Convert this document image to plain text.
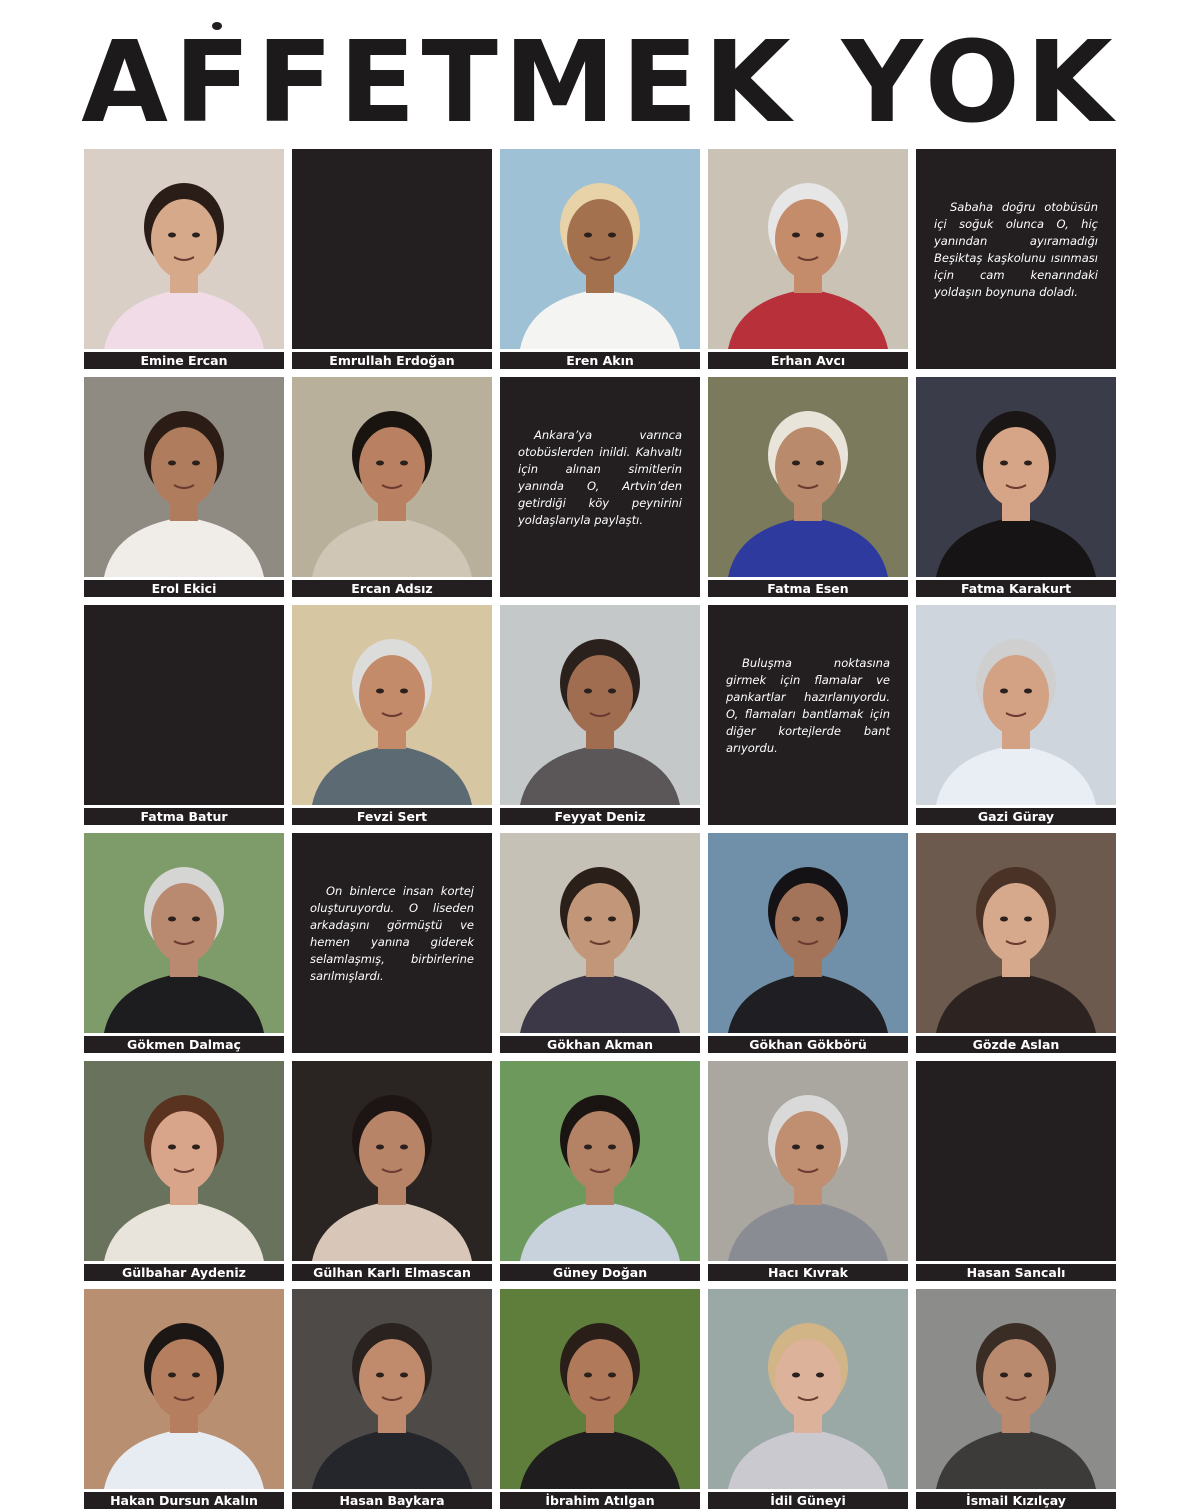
AFFETMEK YOK
Emine Ercan	Emrullah Erdoğan	Eren Akın	Erhan Avcı

Sabaha doğru otobüsün içi soğuk olunca O, hiç yanından ayıramadığı Beşiktaş kaşkolunu ısınması için cam kenarındaki yoldaşın boynuna doladı.

Erol Ekici	Ercan Adsız

Ankara’ya varınca otobüslerden inildi. Kahvaltı için alınan simitlerin yanında O, Artvin’den getirdiği köy peynirini yoldaşlarıyla paylaştı.

Fatma Esen	Fatma Karakurt
Fatma Batur	Fevzi Sert	Feyyat Deniz

Buluşma noktasına girmek için flamalar ve pankartlar hazırlanıyordu. O, flamaları bantlamak için diğer kortejlerde bant arıyordu.

Gazi Güray
Gökmen Dalmaç

On binlerce insan kortej oluşturuyordu. O liseden arkadaşını görmüştü ve hemen yanına giderek selamlaşmış, birbirlerine sarılmışlardı.

Gökhan Akman	Gökhan Gökbörü	Gözde Aslan
Gülbahar Aydeniz	Gülhan Karlı Elmascan	Güney Doğan	Hacı Kıvrak	Hasan Sancalı
Hakan Dursun Akalın	Hasan Baykara	İbrahim Atılgan	İdil Güneyi	İsmail Kızılçay
